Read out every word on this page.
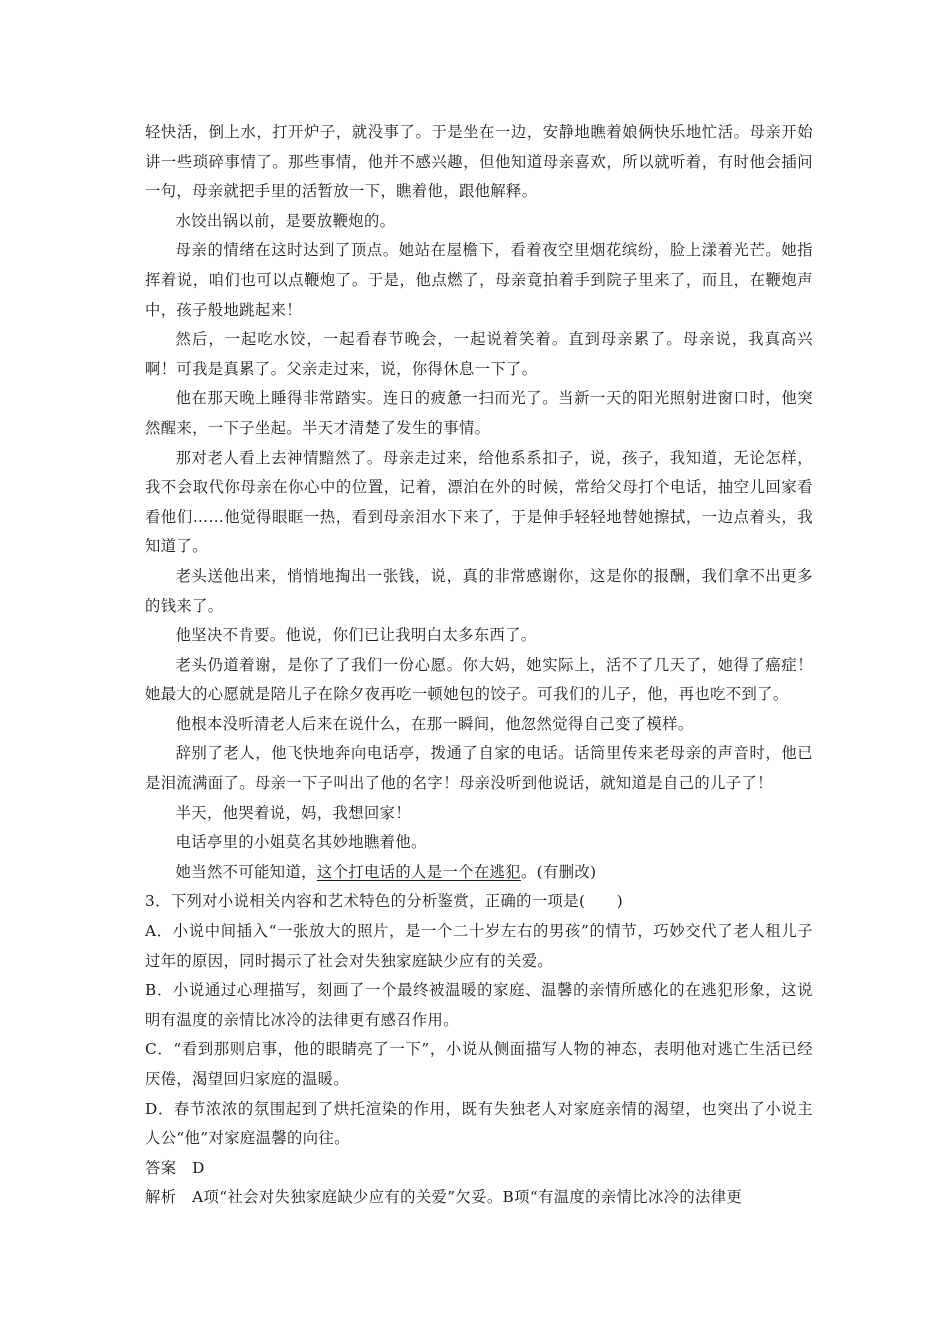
轻快活，倒上水，打开炉子，就没事了。于是坐在一边，安静地瞧着娘俩快乐地忙活。母亲开始讲一些琐碎事情了。那些事情，他并不感兴趣，但他知道母亲喜欢，所以就听着，有时他会插问一句，母亲就把手里的活暂放一下，瞧着他，跟他解释。

水饺出锅以前，是要放鞭炮的。

母亲的情绪在这时达到了顶点。她站在屋檐下，看着夜空里烟花缤纷，脸上漾着光芒。她指挥着说，咱们也可以点鞭炮了。于是，他点燃了，母亲竟拍着手到院子里来了，而且，在鞭炮声中，孩子般地跳起来！

然后，一起吃水饺，一起看春节晚会，一起说着笑着。直到母亲累了。母亲说，我真高兴啊！可我是真累了。父亲走过来，说，你得休息一下了。

他在那天晚上睡得非常踏实。连日的疲惫一扫而光了。当新一天的阳光照射进窗口时，他突然醒来，一下子坐起。半天才清楚了发生的事情。

那对老人看上去神情黯然了。母亲走过来，给他系系扣子，说，孩子，我知道，无论怎样，我不会取代你母亲在你心中的位置，记着，漂泊在外的时候，常给父母打个电话，抽空儿回家看看他们……他觉得眼眶一热，看到母亲泪水下来了，于是伸手轻轻地替她擦拭，一边点着头，我知道了。

老头送他出来，悄悄地掏出一张钱，说，真的非常感谢你，这是你的报酬，我们拿不出更多的钱来了。

他坚决不肯要。他说，你们已让我明白太多东西了。

老头仍道着谢，是你了了我们一份心愿。你大妈，她实际上，活不了几天了，她得了癌症！她最大的心愿就是陪儿子在除夕夜再吃一顿她包的饺子。可我们的儿子，他，再也吃不到了。

他根本没听清老人后来在说什么，在那一瞬间，他忽然觉得自己变了模样。

辞别了老人，他飞快地奔向电话亭，拨通了自家的电话。话筒里传来老母亲的声音时，他已是泪流满面了。母亲一下子叫出了他的名字！母亲没听到他说话，就知道是自己的儿子了！

半天，他哭着说，妈，我想回家！

电话亭里的小姐莫名其妙地瞧着他。

她当然不可能知道，这个打电话的人是一个在逃犯。(有删改)

3．下列对小说相关内容和艺术特色的分析鉴赏，正确的一项是(　　)

A．小说中间插入“一张放大的照片，是一个二十岁左右的男孩”的情节，巧妙交代了老人租儿子过年的原因，同时揭示了社会对失独家庭缺少应有的关爱。

B．小说通过心理描写，刻画了一个最终被温暖的家庭、温馨的亲情所感化的在逃犯形象，这说明有温度的亲情比冰冷的法律更有感召作用。

C．“看到那则启事，他的眼睛亮了一下”，小说从侧面描写人物的神态，表明他对逃亡生活已经厌倦，渴望回归家庭的温暖。

D．春节浓浓的氛围起到了烘托渲染的作用，既有失独老人对家庭亲情的渴望，也突出了小说主人公“他”对家庭温馨的向往。

答案　D

解析　A项“社会对失独家庭缺少应有的关爱”欠妥。B项“有温度的亲情比冰冷的法律更
